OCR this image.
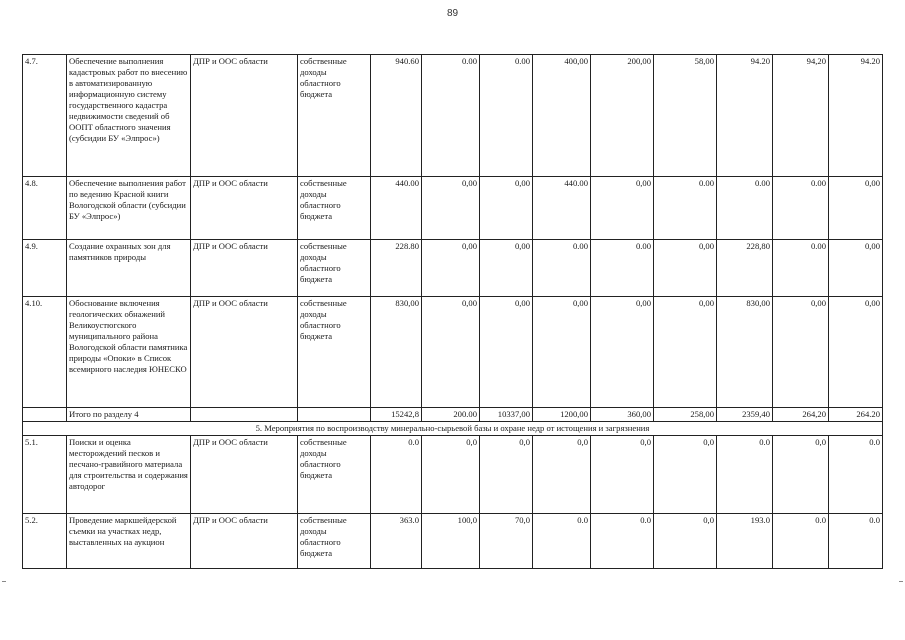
89
4.7.	Обеспечение выполнения кадастровых работ по внесению в автоматизированную информационную систему государственного кадастра недвижимости сведений об ООПТ областного значения (субсидии БУ «Элпрос»)	ДПР и ООС области	собственные доходы областного бюджета	940.60	0.00	0.00	400,00	200,00	58,00	94.20	94,20	94.20
4.8.	Обеспечение выполнения работ по ведению Красной книги Вологодской области (субсидии БУ «Элпрос»)	ДПР и ООС области	собственные доходы областного бюджета	440.00	0,00	0,00	440.00	0,00	0.00	0.00	0.00	0,00
4.9.	Создание охранных зон для памятников природы	ДПР и ООС области	собственные доходы областного бюджета	228.80	0,00	0,00	0.00	0.00	0,00	228,80	0.00	0,00
4.10.	Обоснование включения геологических обнажений Великоустюгского муниципального района Вологодской области памятника природы «Опоки» в Список всемирного наследия ЮНЕСКО	ДПР и ООС области	собственные доходы областного бюджета	830,00	0,00	0,00	0,00	0,00	0,00	830,00	0,00	0,00
	Итого по разделу 4			15242,8	200.00	10337,00	1200,00	360,00	258,00	2359,40	264,20	264.20
5. Мероприятия по воспроизводству минерально-сырьевой базы и охране недр от истощения и загрязнения												
5.1.	Поиски и оценка месторождений песков и песчано-гравийного материала для строительства и содержания автодорог	ДПР и ООС области	собственные доходы областного бюджета	0.0	0,0	0,0	0,0	0,0	0,0	0.0	0,0	0.0
5.2.	Проведение маркшейдерской съемки на участках недр, выставленных на аукцион	ДПР и ООС области	собственные доходы областного бюджета	363.0	100,0	70,0	0.0	0.0	0,0	193.0	0.0	0.0
